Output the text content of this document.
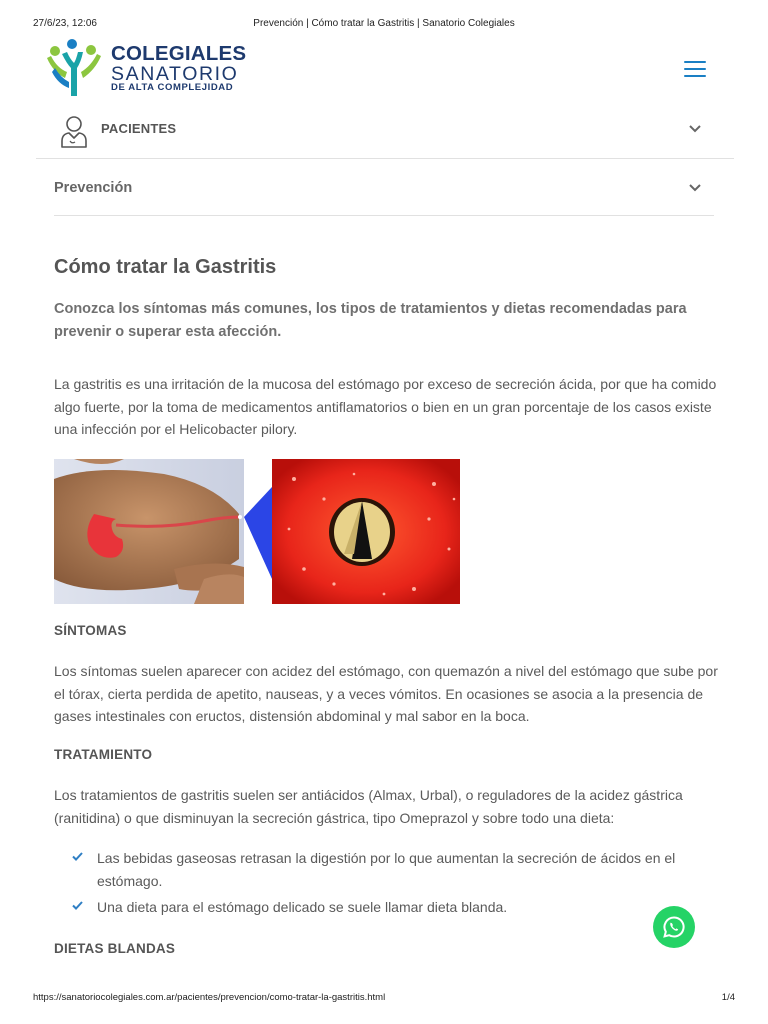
27/6/23, 12:06	Prevención | Cómo tratar la Gastritis | Sanatorio Colegiales
COLEGIALES
SANATORIO
DE ALTA COMPLEJIDAD
PACIENTES
Prevención
Cómo tratar la Gastritis

Conozca los síntomas más comunes, los tipos de tratamientos y dietas recomendadas para prevenir o superar esta afección.

La gastritis es una irritación de la mucosa del estómago por exceso de secreción ácida, por que ha comido algo fuerte, por la toma de medicamentos antiflamatorios o bien en un gran porcentaje de los casos existe una infección por el Helicobacter pilory.

SÍNTOMAS

Los síntomas suelen aparecer con acidez del estómago, con quemazón a nivel del estómago que sube por el tórax, cierta perdida de apetito, nauseas, y a veces vómitos. En ocasiones se asocia a la presencia de gases intestinales con eructos, distensión abdominal y mal sabor en la boca.

TRATAMIENTO

Los tratamientos de gastritis suelen ser antiácidos (Almax, Urbal), o reguladores de la acidez gástrica (ranitidina) o que disminuyan la secreción gástrica, tipo Omeprazol y sobre todo una dieta:

Las bebidas gaseosas retrasan la digestión por lo que aumentan la secreción de ácidos en el estómago.
Una dieta para el estómago delicado se suele llamar dieta blanda.
DIETAS BLANDAS
https://sanatoriocolegiales.com.ar/pacientes/prevencion/como-tratar-la-gastritis.html	1/4
